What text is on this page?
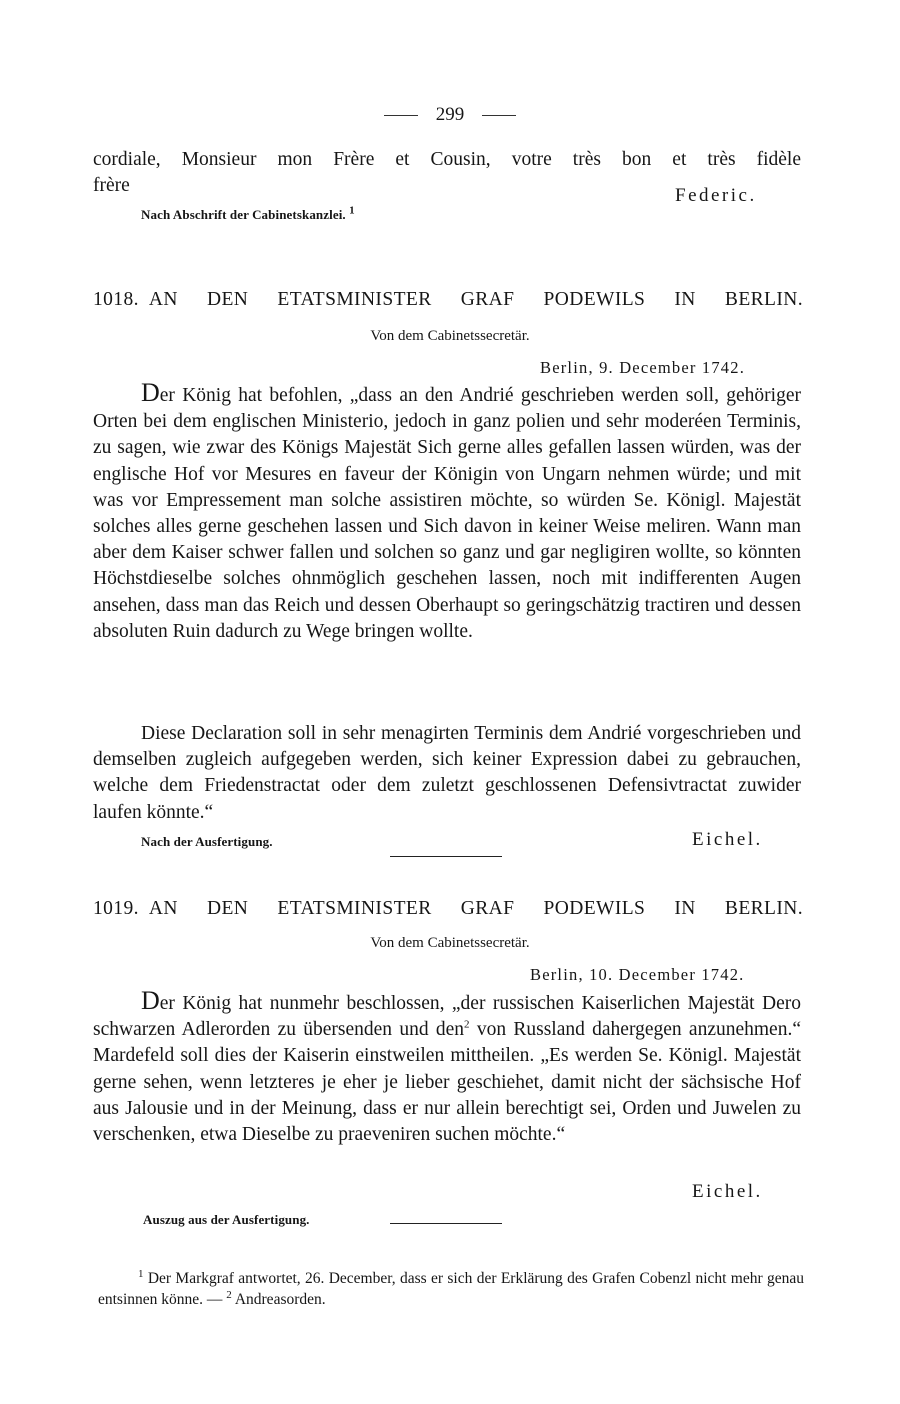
299
cordiale, Monsieur mon Frère et Cousin, votre très bon et très fidèle
frère	Federic.
Nach Abschrift der Cabinetskanzlei. $^1$
1018. AN DEN ETATSMINISTER GRAF PODEWILS IN BERLIN.
Von dem Cabinetssecretär.
Berlin, 9. December 1742.
Der König hat befohlen, „dass an den Andrié geschrieben werden soll, gehöriger Orten bei dem englischen Ministerio, jedoch in ganz polien und sehr moderéen Terminis, zu sagen, wie zwar des Königs Majestät Sich gerne alles gefallen lassen würden, was der englische Hof vor Mesures en faveur der Königin von Ungarn nehmen würde; und mit was vor Empressement man solche assistiren möchte, so würden Se. Königl. Majestät solches alles gerne geschehen lassen und Sich davon in keiner Weise meliren. Wann man aber dem Kaiser schwer fallen und solchen so ganz und gar negligiren wollte, so könnten Höchstdieselbe solches ohnmöglich geschehen lassen, noch mit indifferenten Augen ansehen, dass man das Reich und dessen Oberhaupt so geringschätzig tractiren und dessen absoluten Ruin dadurch zu Wege bringen wollte.
Diese Declaration soll in sehr menagirten Terminis dem Andrié vorgeschrieben und demselben zugleich aufgegeben werden, sich keiner Expression dabei zu gebrauchen, welche dem Friedenstractat oder dem zuletzt geschlossenen Defensivtractat zuwider laufen könnte.“
Nach der Ausfertigung.	Eichel.
1019. AN DEN ETATSMINISTER GRAF PODEWILS IN BERLIN.
Von dem Cabinetssecretär.
Berlin, 10. December 1742.
Der König hat nunmehr beschlossen, „der russischen Kaiserlichen Majestät Dero schwarzen Adlerorden zu übersenden und den$^2$ von Russland dahergegen anzunehmen.“ Mardefeld soll dies der Kaiserin einstweilen mittheilen. „Es werden Se. Königl. Majestät gerne sehen, wenn letzteres je eher je lieber geschiehet, damit nicht der sächsische Hof aus Jalousie und in der Meinung, dass er nur allein berechtigt sei, Orden und Juwelen zu verschenken, etwa Dieselbe zu praeveniren suchen möchte.“
Eichel.
Auszug aus der Ausfertigung.
$^1$ Der Markgraf antwortet, 26. December, dass er sich der Erklärung des Grafen Cobenzl nicht mehr genau entsinnen könne. — $^2$ Andreasorden.
